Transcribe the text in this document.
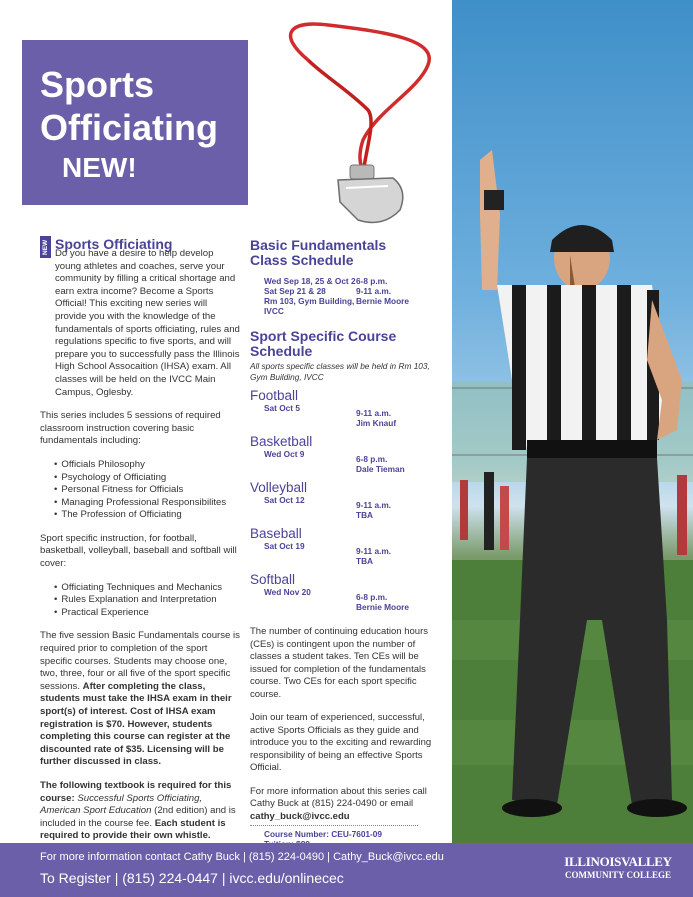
Sports
Officiating
NEW!
NEW Sports Officiating

Do you have a desire to help develop young athletes and coaches, serve your community by filling a critical shortage and earn extra income? Become a Sports Official! This exciting new series will provide you with the knowledge of the fundamentals of sports officiating, rules and regulations specific to five sports, and will prepare you to successfully pass the Illinois High School Assocaition (IHSA) exam. All classes will be held on the IVCC Main Campus, Oglesby.

This series includes 5 sessions of required classroom instruction covering basic fundamentals including:

• Officials Philosophy
• Psychology of Officiating
• Personal Fitness for Officials
• Managing Professional Responsibilites
• The Profession of Officiating

Sport specific instruction, for football, basketball, volleyball, baseball and softball will cover:

• Officiating Techniques and Mechanics
• Rules Explanation and Interpretation
• Practical Experience

The five session Basic Fundamentals course is required prior to completion of the sport specific courses. Students may choose one, two, three, four or all five of the sport specific sessions. After completing the class, students must take the IHSA exam in their sport(s) of interest. Cost of IHSA exam registration is $70. However, students completing this course can register at the discounted rate of $35. Licensing will be further discussed in class.

The following textbook is required for this course: Successful Sports Officiating, American Sport Education (2nd edition) and is included in the course fee. Each student is required to provide their own whistle.

Basic Fundamentals Class Schedule

Wed Sep 18, 25 & Oct 2 6-8 p.m.
Sat Sep 21 & 28	9-11 a.m.
Rm 103, Gym Building, IVCC
Bernie Moore

Sport Specific Course Schedule

All sports specific classes will be held in Rm 103, Gym Building, IVCC

Football
Sat Oct 5	9-11 a.m.
Jim Knauf
Basketball
Wed Oct 9	6-8 p.m.
Dale Tieman
Volleyball
Sat Oct 12	9-11 a.m.
TBA
Baseball
Sat Oct 19	9-11 a.m.
TBA
Softball
Wed Nov 20	6-8 p.m.
Bernie Moore

The number of continuing education hours (CEs) is contingent upon the number of classes a student takes. Ten CEs will be issued for completion of the fundamentals course. Two CEs for each sport specific course.

Join our team of experienced, successful, active Sports Officials as they guide and introduce you to the exciting and rewarding responsibility of being an effective Sports Official.

For more information about this series call Cathy Buck at (815) 224-0490 or email
cathy_buck@ivcc.edu

Course Number: CEU-7601-09
For more information contact Cathy Buck | (815) 224-0490 | Cathy_Buck@ivcc.edu
To Register | (815) 224-0447 | ivcc.edu/onlinecec
ILLINOISVALLEY
COMMUNITY COLLEGE
